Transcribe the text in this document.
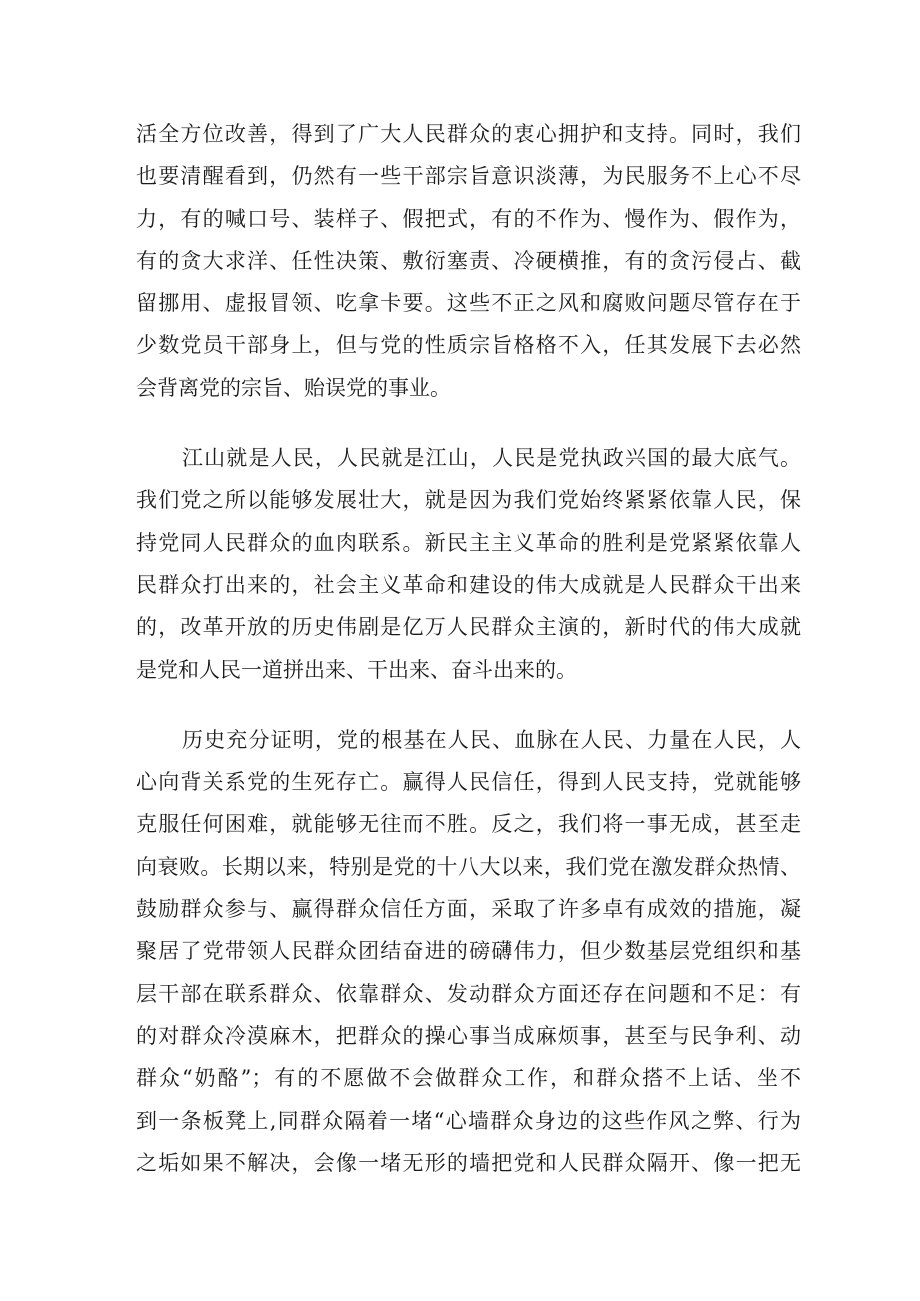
活全方位改善，得到了广大人民群众的衷心拥护和支持。同时，我们
也要清醒看到，仍然有一些干部宗旨意识淡薄，为民服务不上心不尽
力，有的喊口号、装样子、假把式，有的不作为、慢作为、假作为，
有的贪大求洋、任性决策、敷衍塞责、冷硬横推，有的贪污侵占、截
留挪用、虚报冒领、吃拿卡要。这些不正之风和腐败问题尽管存在于
少数党员干部身上，但与党的性质宗旨格格不入，任其发展下去必然
会背离党的宗旨、贻误党的事业。
江山就是人民，人民就是江山，人民是党执政兴国的最大底气。
我们党之所以能够发展壮大，就是因为我们党始终紧紧依靠人民，保
持党同人民群众的血肉联系。新民主主义革命的胜利是党紧紧依靠人
民群众打出来的，社会主义革命和建设的伟大成就是人民群众干出来
的，改革开放的历史伟剧是亿万人民群众主演的，新时代的伟大成就
是党和人民一道拼出来、干出来、奋斗出来的。
历史充分证明，党的根基在人民、血脉在人民、力量在人民，人
心向背关系党的生死存亡。赢得人民信任，得到人民支持，党就能够
克服任何困难，就能够无往而不胜。反之，我们将一事无成，甚至走
向衰败。长期以来，特别是党的十八大以来，我们党在激发群众热情、
鼓励群众参与、赢得群众信任方面，采取了许多卓有成效的措施，凝
聚居了党带领人民群众团结奋进的磅礴伟力，但少数基层党组织和基
层干部在联系群众、依靠群众、发动群众方面还存在问题和不足：有
的对群众冷漠麻木，把群众的操心事当成麻烦事，甚至与民争利、动
群众“奶酪”；有的不愿做不会做群众工作，和群众搭不上话、坐不
到一条板凳上,同群众隔着一堵“心墙群众身边的这些作风之弊、行为
之垢如果不解决，会像一堵无形的墙把党和人民群众隔开、像一把无
